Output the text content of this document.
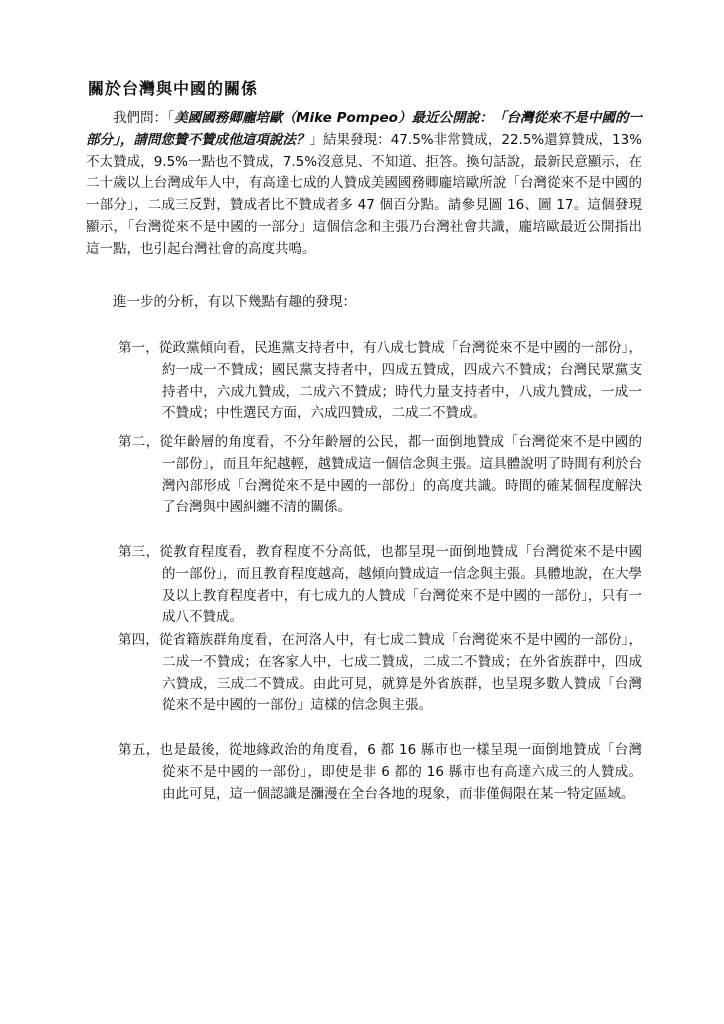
關於台灣與中國的關係

我們問：「美國國務卿龐培歐（Mike Pompeo）最近公開說：「台灣從來不是中國的一部分」，請問您贊不贊成他這項說法？」結果發現：47.5%非常贊成，22.5%還算贊成，13%不太贊成，9.5%一點也不贊成，7.5%沒意見、不知道、拒答。換句話說，最新民意顯示，在二十歲以上台灣成年人中，有高達七成的人贊成美國國務卿龐培歐所說「台灣從來不是中國的一部分」，二成三反對，贊成者比不贊成者多 47 個百分點。請參見圖 16、圖 17。這個發現顯示，「台灣從來不是中國的一部分」這個信念和主張乃台灣社會共識，龐培歐最近公開指出這一點，也引起台灣社會的高度共鳴。

進一步的分析，有以下幾點有趣的發現：

第一，從政黨傾向看，民進黨支持者中，有八成七贊成「台灣從來不是中國的一部份」，約一成一不贊成；國民黨支持者中，四成五贊成，四成六不贊成；台灣民眾黨支持者中，六成九贊成，二成六不贊成；時代力量支持者中，八成九贊成，一成一不贊成；中性選民方面，六成四贊成，二成二不贊成。

第二，從年齡層的角度看，不分年齡層的公民，都一面倒地贊成「台灣從來不是中國的一部份」，而且年紀越輕，越贊成這一個信念與主張。這具體說明了時間有利於台灣內部形成「台灣從來不是中國的一部份」的高度共識。時間的確某個程度解決了台灣與中國糾纏不清的關係。

第三，從教育程度看，教育程度不分高低，也都呈現一面倒地贊成「台灣從來不是中國的一部份」，而且教育程度越高，越傾向贊成這一信念與主張。具體地說，在大學及以上教育程度者中，有七成九的人贊成「台灣從來不是中國的一部份」，只有一成八不贊成。

第四，從省籍族群角度看，在河洛人中，有七成二贊成「台灣從來不是中國的一部份」，二成一不贊成；在客家人中，七成二贊成，二成二不贊成；在外省族群中，四成六贊成，三成二不贊成。由此可見，就算是外省族群，也呈現多數人贊成「台灣從來不是中國的一部份」這樣的信念與主張。

第五，也是最後，從地緣政治的角度看，6 都 16 縣市也一樣呈現一面倒地贊成「台灣從來不是中國的一部份」，即使是非 6 都的 16 縣市也有高達六成三的人贊成。由此可見，這一個認識是瀰漫在全台各地的現象，而非僅侷限在某一特定區域。
